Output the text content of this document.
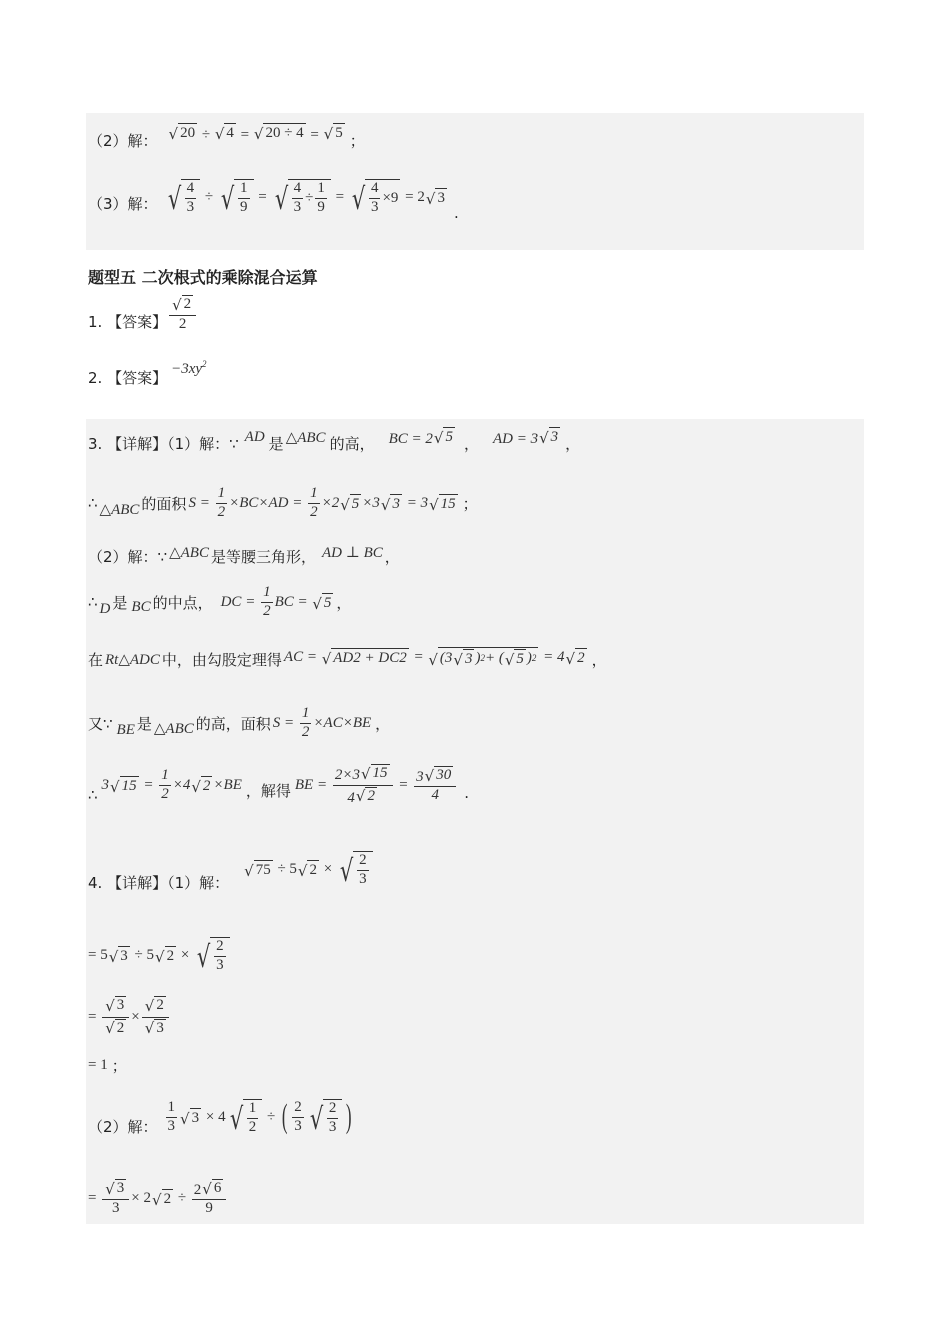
（2）解： √ 20 ÷ √ 4 = √ 20 ÷ 4 = √ 5 ；
（3）解： √ $\frac{4}{3}$ ÷ √ $\frac{1}{9}$ = √ $\frac{4}{3} \div \frac{1}{9}$ = √ $\frac{4}{3} \times 9 = 2$ √ 3
.
题型五 二次根式的乘除混合运算
1. 【答案】 $\frac{√ 2}{2}$
2. 【答案】 $-3xy^2$
3. 【详解】（1）解：∵ AD 是 △ABC 的高， BC = 2 √ 5 ， AD = 3 √ 3 ，
∴ △ABC 的面积 $S = \frac{1}{2}$ × BC × AD = $\frac{1}{2} \times 2$ √ 5 ×3 √ 3 = 3 √ 15 ；
（2）解：∵ △ABC 是等腰三角形， AD ⊥ BC ，
∴ D 是 BC 的中点， DC = $\frac{1}{2}$ BC = √ 5 ，
在 Rt△ADC 中，由勾股定理得 AC = √ AD 2 + DC 2 = √ (3 √ 3 ) 2 + ( √ 5 ) 2 = 4 √ 2 ，
又∵ BE 是 △ABC 的高，面积 $S = \frac{1}{2}$ × AC × BE ，
∴
3 √ $15 = \frac{1}{2} \times 4$ √ 2 × BE ，解得 BE = $\frac{2\times 3 √ 15}{4 √ 2} = \frac{3 √ 30}{4}$ .
4. 【详解】（1）解：
√ 75 ÷ 5 √ 2 × √ $\frac{2}{3}$
= 5 √ 3 ÷ 5 √ 2 × √ $\frac{2}{3}$
= $\frac{√ 3}{√ 2} \times \frac{√ 2}{√ 3}$
= 1 ；
（2）解： $\frac{1}{3}$ √ 3 × 4 √ $\frac{1}{2}$ ÷ ( $\frac{2}{3}$ √ $\frac{2}{3}$ )
= $\frac{√ 3}{3} \times 2$ √ $2 \div \frac{2 √ 6}{9}$
